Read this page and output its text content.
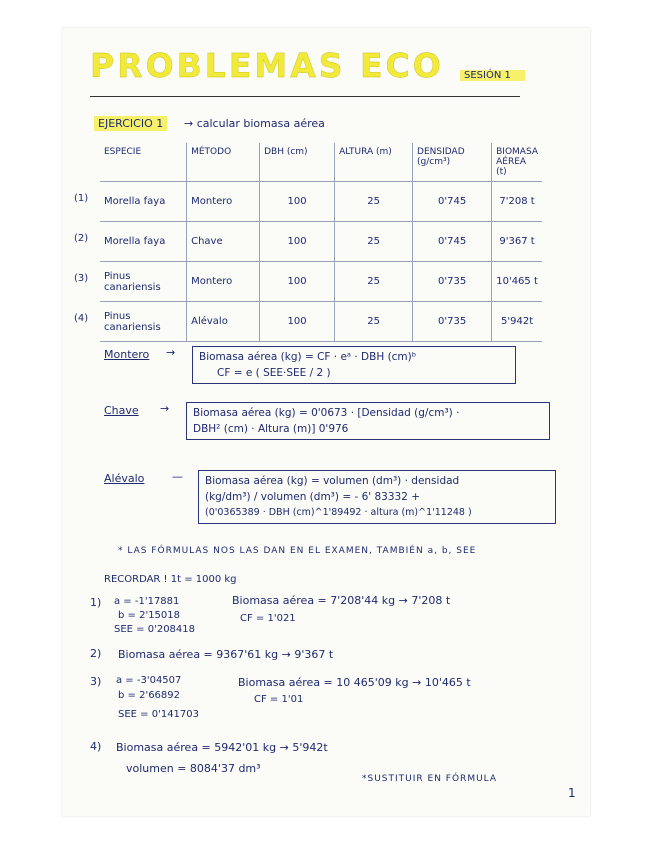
PROBLEMAS ECO	SESIÓN 1
EJERCICIO 1	→ calcular biomasa aérea
ESPECIE	MÉTODO	DBH (cm)	ALTURA (m)	DENSIDAD (g/cm³)	BIOMASA AÉREA (t)
Morella faya	Montero	100	25	0'745	7'208 t
Morella faya	Chave	100	25	0'745	9'367 t
Pinus canariensis	Montero	100	25	0'735	10'465 t
Pinus canariensis	Alévalo	100	25	0'735	5'942t
(1)
(2)
(3)
(4)
Montero → Biomasa aérea (kg) = CF · eᵃ · DBH (cm)ᵇ
CF = e ( SEE·SEE / 2 )
Chave → Biomasa aérea (kg) = 0'0673 · [Densidad (g/cm³) ·
DBH² (cm) · Altura (m)] 0'976
Alévalo	— Biomasa aérea (kg) = volumen (dm³) · densidad
(kg/dm³) / volumen (dm³) = - 6' 83332 +
(0'0365389 · DBH (cm)^1'89492 · altura (m)^1'11248 )
* LAS FÓRMULAS NOS LAS DAN EN EL EXAMEN, TAMBIÉN a, b, SEE
RECORDAR ! 1t = 1000 kg
1) a = -1'17881
b = 2'15018
SEE = 0'208418
Biomasa aérea = 7'208'44 kg → 7'208 t
CF = 1'021
2) Biomasa aérea = 9367'61 kg → 9'367 t
3) a = -3'04507
b = 2'66892
SEE = 0'141703
Biomasa aérea = 10 465'09 kg → 10'465 t
CF = 1'01
4) Biomasa aérea = 5942'01 kg → 5'942t
volumen = 8084'37 dm³
*SUSTITUIR EN FÓRMULA
1
